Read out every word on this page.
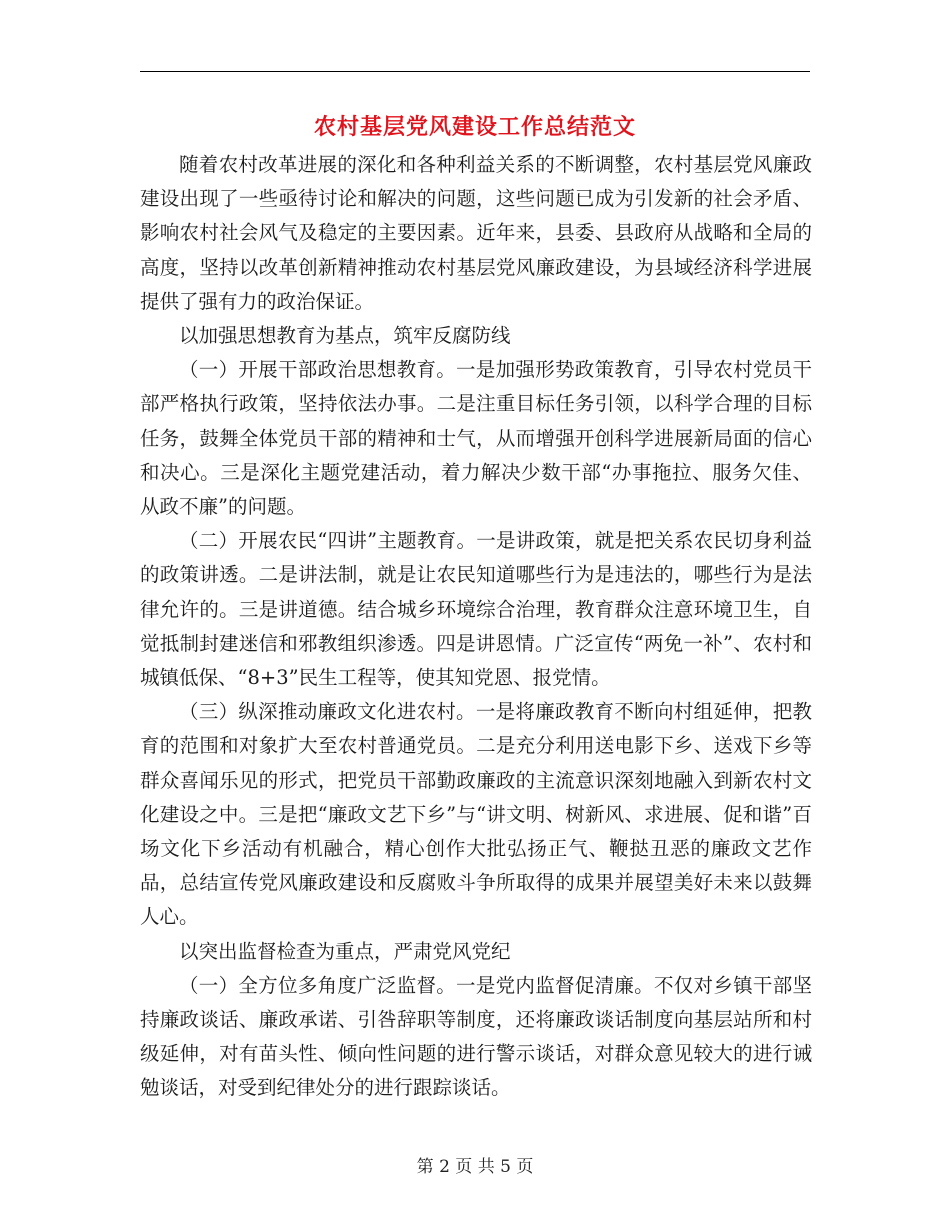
农村基层党风建设工作总结范文

随着农村改革进展的深化和各种利益关系的不断调整，农村基层党风廉政建设出现了一些亟待讨论和解决的问题，这些问题已成为引发新的社会矛盾、影响农村社会风气及稳定的主要因素。近年来，县委、县政府从战略和全局的高度，坚持以改革创新精神推动农村基层党风廉政建设，为县域经济科学进展提供了强有力的政治保证。

以加强思想教育为基点，筑牢反腐防线

（一）开展干部政治思想教育。一是加强形势政策教育，引导农村党员干部严格执行政策，坚持依法办事。二是注重目标任务引领，以科学合理的目标任务，鼓舞全体党员干部的精神和士气，从而增强开创科学进展新局面的信心和决心。三是深化主题党建活动，着力解决少数干部“办事拖拉、服务欠佳、从政不廉”的问题。

（二）开展农民“四讲”主题教育。一是讲政策，就是把关系农民切身利益的政策讲透。二是讲法制，就是让农民知道哪些行为是违法的，哪些行为是法律允许的。三是讲道德。结合城乡环境综合治理，教育群众注意环境卫生，自觉抵制封建迷信和邪教组织渗透。四是讲恩情。广泛宣传“两免一补”、农村和城镇低保、“8+3”民生工程等，使其知党恩、报党情。

（三）纵深推动廉政文化进农村。一是将廉政教育不断向村组延伸，把教育的范围和对象扩大至农村普通党员。二是充分利用送电影下乡、送戏下乡等群众喜闻乐见的形式，把党员干部勤政廉政的主流意识深刻地融入到新农村文化建设之中。三是把“廉政文艺下乡”与“讲文明、树新风、求进展、促和谐”百场文化下乡活动有机融合，精心创作大批弘扬正气、鞭挞丑恶的廉政文艺作品，总结宣传党风廉政建设和反腐败斗争所取得的成果并展望美好未来以鼓舞人心。

以突出监督检查为重点，严肃党风党纪

（一）全方位多角度广泛监督。一是党内监督促清廉。不仅对乡镇干部坚持廉政谈话、廉政承诺、引咎辞职等制度，还将廉政谈话制度向基层站所和村级延伸，对有苗头性、倾向性问题的进行警示谈话，对群众意见较大的进行诫勉谈话，对受到纪律处分的进行跟踪谈话。

第 2 页 共 5 页
